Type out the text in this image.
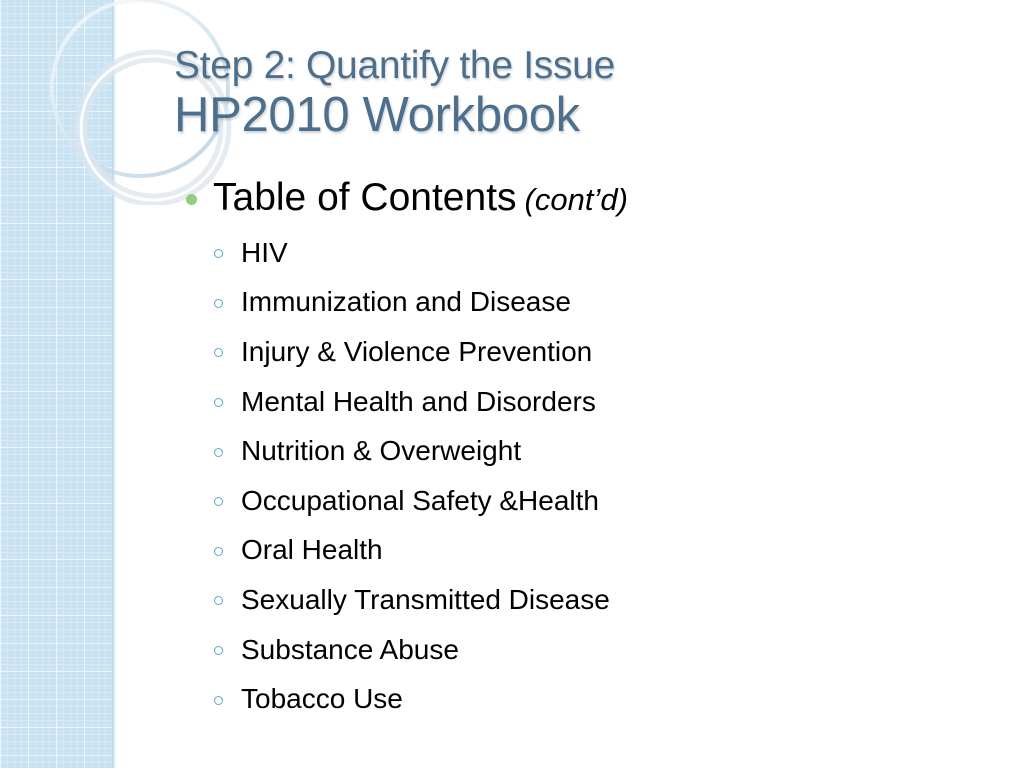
Step 2: Quantify the Issue
HP2010 Workbook
Table of Contents (cont’d)
HIV
Immunization and Disease
Injury & Violence Prevention
Mental Health and Disorders
Nutrition & Overweight
Occupational Safety &Health
Oral Health
Sexually Transmitted Disease
Substance Abuse
Tobacco Use
